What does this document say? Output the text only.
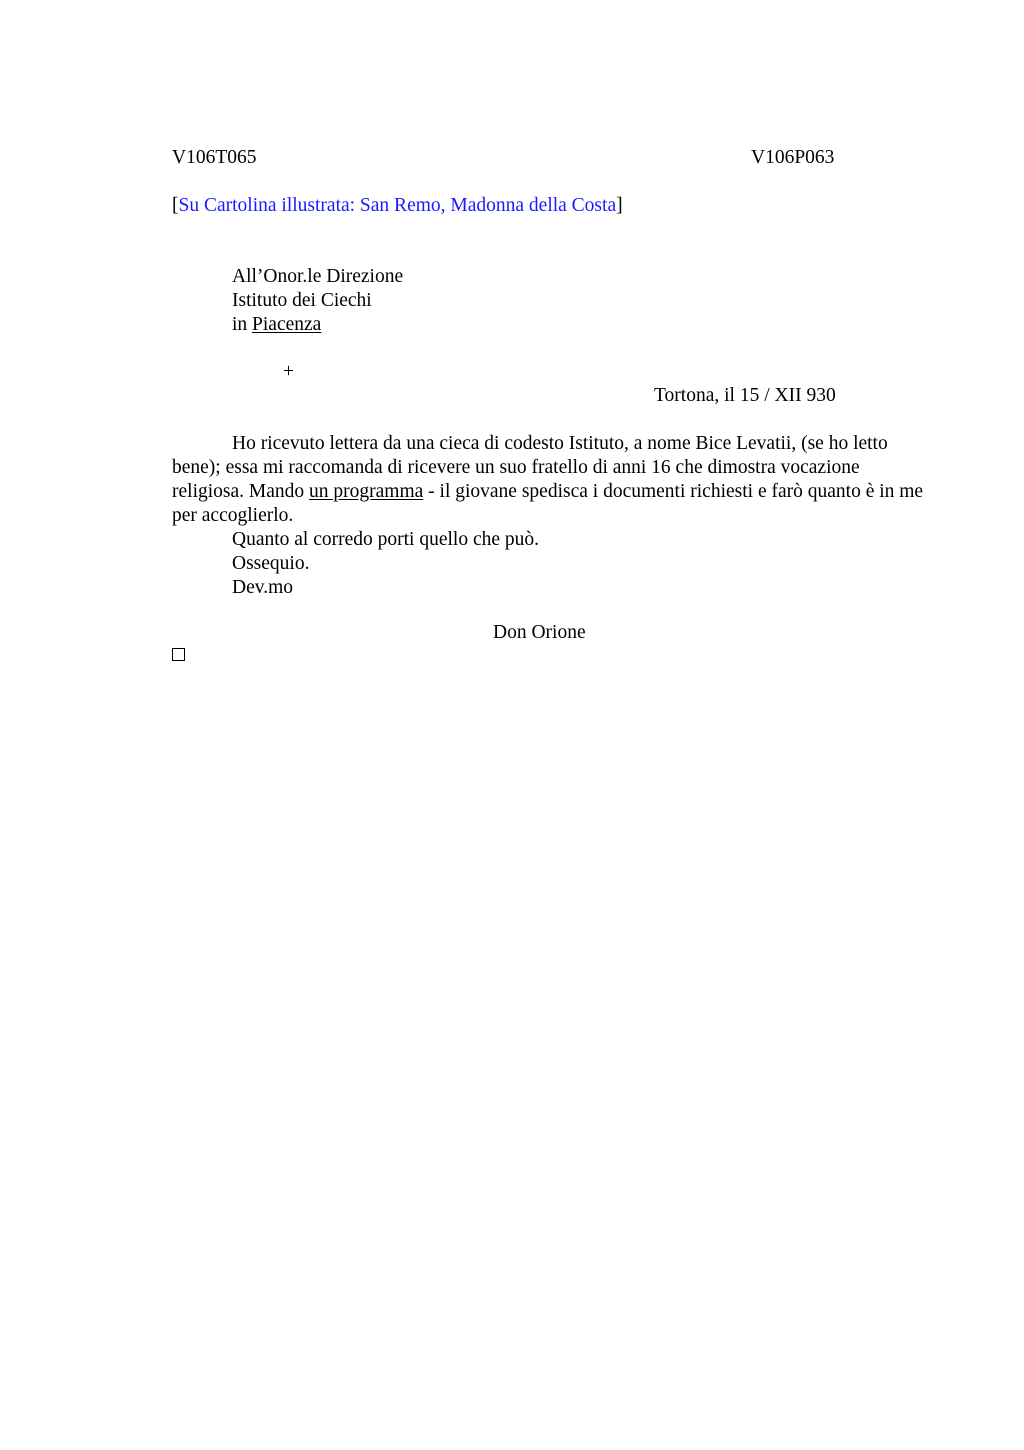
V106T065	V106P063
[Su Cartolina illustrata: San Remo, Madonna della Costa]
All’Onor.le Direzione
Istituto dei Ciechi
in Piacenza
+
Tortona, il 15 / XII 930

Ho ricevuto lettera da una cieca di codesto Istituto, a nome Bice Levatii, (se ho letto bene); essa mi raccomanda di ricevere un suo fratello di anni 16 che dimostra vocazione religiosa. Mando un programma - il giovane spedisca i documenti richiesti e farò quanto è in me per accoglierlo.

Quanto al corredo porti quello che può.

Ossequio.

Dev.mo

Don Orione
